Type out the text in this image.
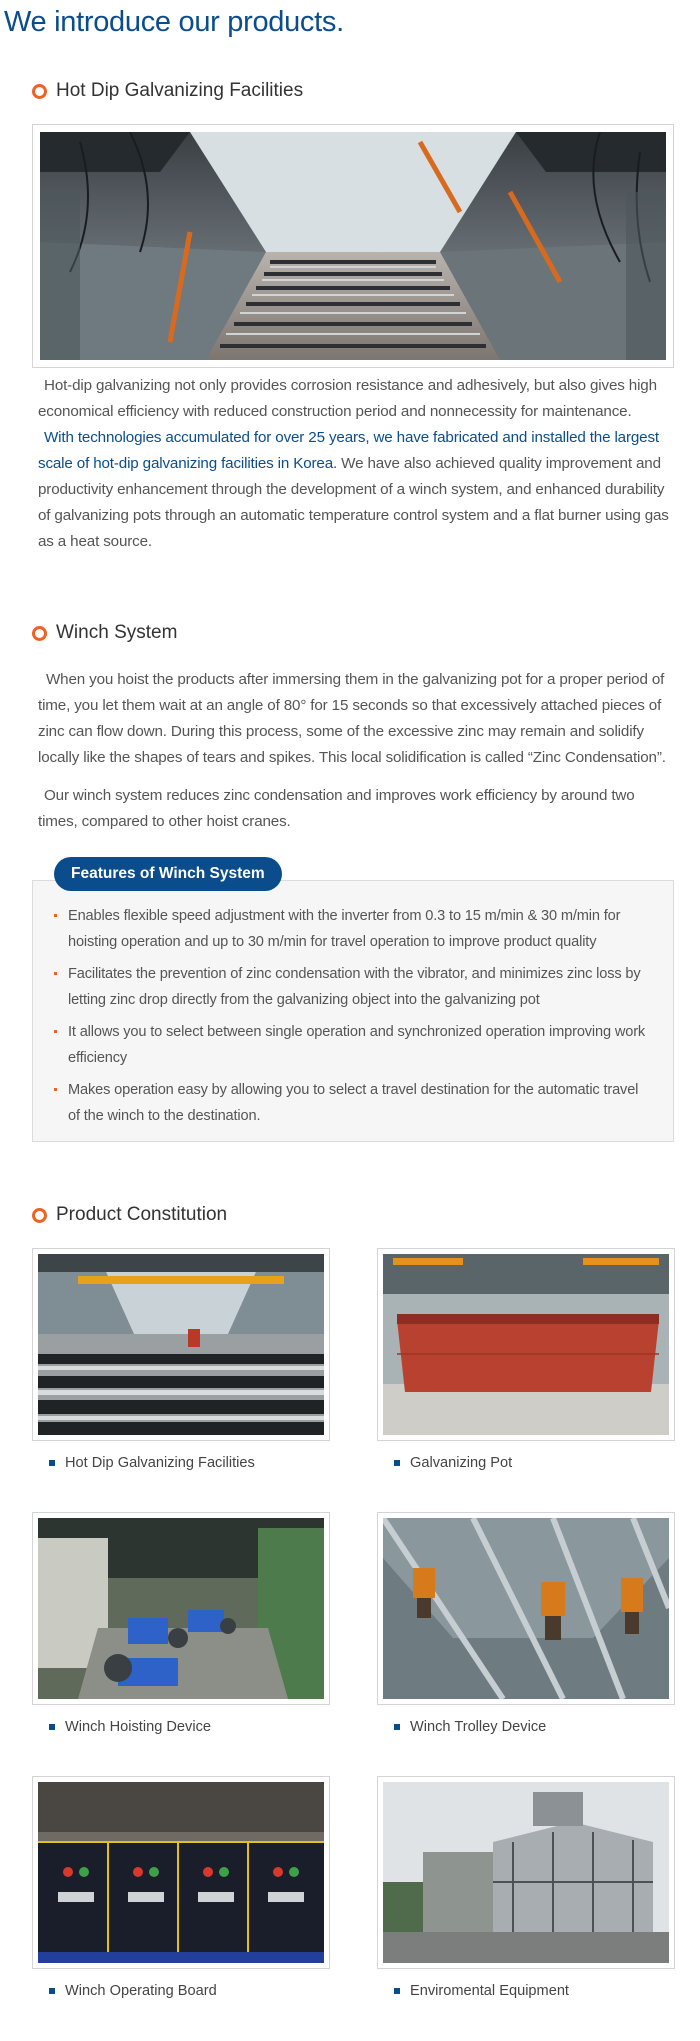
We introduce our products.
Hot Dip Galvanizing Facilities

Hot-dip galvanizing not only provides corrosion resistance and adhesively, but also gives high economical efficiency with reduced construction period and nonnecessity for maintenance.

With technologies accumulated for over 25 years, we have fabricated and installed the largest scale of hot-dip galvanizing facilities in Korea. We have also achieved quality improvement and productivity enhancement through the development of a winch system, and enhanced durability of galvanizing pots through an automatic temperature control system and a flat burner using gas as a heat source.

Winch System

When you hoist the products after immersing them in the galvanizing pot for a proper period of time, you let them wait at an angle of 80° for 15 seconds so that excessively attached pieces of zinc can flow down. During this process, some of the excessive zinc may remain and solidify locally like the shapes of tears and spikes. This local solidification is called “Zinc Condensation”.

Our winch system reduces zinc condensation and improves work efficiency by around two times, compared to other hoist cranes.

Features of Winch System
Enables flexible speed adjustment with the inverter from 0.3 to 15 m/min & 30 m/min for hoisting operation and up to 30 m/min for travel operation to improve product quality
Facilitates the prevention of zinc condensation with the vibrator, and minimizes zinc loss by letting zinc drop directly from the galvanizing object into the galvanizing pot
It allows you to select between single operation and synchronized operation improving work efficiency
Makes operation easy by allowing you to select a travel destination for the automatic travel of the winch to the destination.
Product Constitution
Hot Dip Galvanizing Facilities	Galvanizing Pot
Winch Hoisting Device	Winch Trolley Device
Winch Operating Board	Enviromental Equipment
